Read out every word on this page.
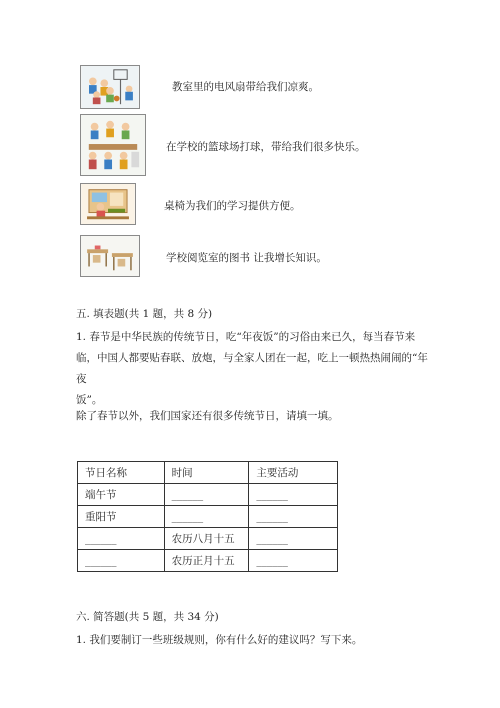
教室里的电风扇带给我们凉爽。
在学校的篮球场打球，带给我们很多快乐。
桌椅为我们的学习提供方便。
学校阅览室的图书 让我增长知识。
五. 填表题(共 1 题，共 8 分)
1. 春节是中华民族的传统节日，吃“年夜饭”的习俗由来已久，每当春节来
临，中国人都要贴春联、放炮，与全家人团在一起，吃上一顿热热闹闹的“年夜
饭”。
除了春节以外，我们国家还有很多传统节日，请填一填。
节日名称	时间	主要活动
端午节	______	______
重阳节	______	______
______	农历八月十五	______
______	农历正月十五	______
六. 简答题(共 5 题，共 34 分)
1. 我们要制订一些班级规则，你有什么好的建议吗？写下来。
